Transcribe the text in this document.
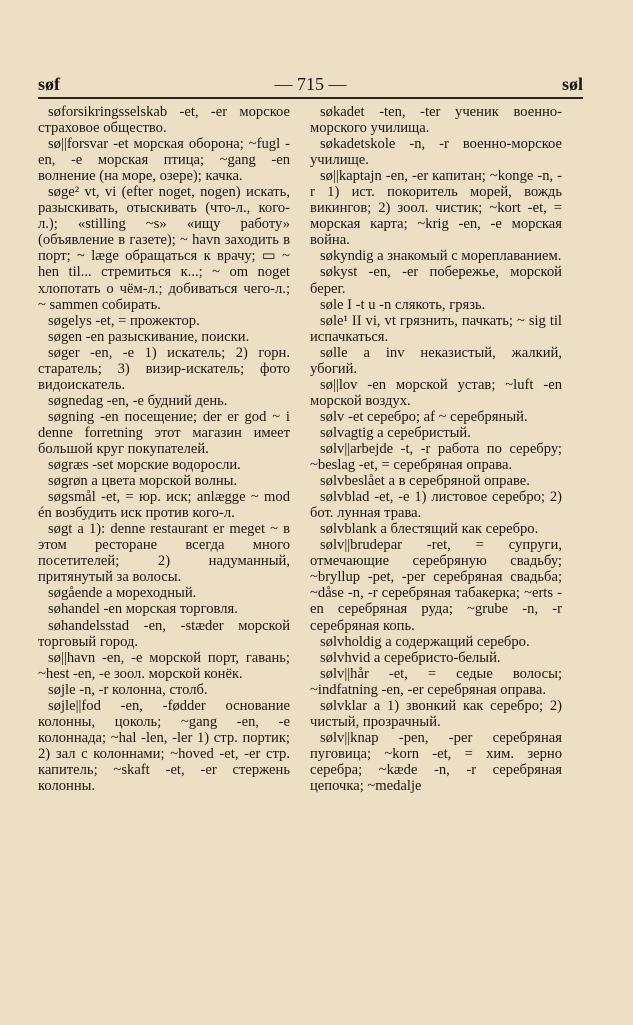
søf	— 715 —	søl

søforsikringsselskab -et, -er морское страховое общество.

sø||forsvar -et морская оборона; ~fugl -en, -e морская птица; ~gang -en волнение (на море, озере); качка.

søge² vt, vi (efter noget, nogen) искать, разыскивать, отыскивать (что-л., кого-л.); «stilling ~s» «ищу работу» (объявление в газете); ~ havn заходить в порт; ~ læge обращаться к врачу; ▭ ~ hen til... стремиться к...; ~ om noget хлопотать о чём-л.; добиваться чего-л.; ~ sammen собирать.

søgelys -et, = прожектор.

søgen -en разыскивание, поиски.

søger -en, -e 1) искатель; 2) горн. старатель; 3) визир-искатель; фото видоискатель.

søgnedag -en, -e будний день.

søgning -en посещение; der er god ~ i denne forretning этот магазин имеет большой круг покупателей.

søgræs -set морские водоросли.

søgrøn a цвета морской волны.

søgsmål -et, = юр. иск; anlægge ~ mod én возбудить иск против кого-л.

søgt a 1): denne restaurant er meget ~ в этом ресторане всегда много посетителей; 2) надуманный, притянутый за волосы.

søgående a мореходный.

søhandel -en морская торговля.

søhandelsstad -en, -stæder морской торговый город.

sø||havn -en, -e морской порт, гавань; ~hest -en, -e зоол. морской конёк.

søjle -n, -r колонна, столб.

søjle||fod -en, -fødder основание колонны, цоколь; ~gang -en, -e колоннада; ~hal -len, -ler 1) стр. портик; 2) зал с колоннами; ~hoved -et, -er стр. капитель; ~skaft -et, -er стержень колонны.

søkadet -ten, -ter ученик военно-морского училища.

søkadetskole -n, -r военно-морское училище.

sø||kaptajn -en, -er капитан; ~konge -n, -r 1) ист. покоритель морей, вождь викингов; 2) зоол. чистик; ~kort -et, = морская карта; ~krig -en, -e морская война.

søkyndig a знакомый с мореплаванием.

søkyst -en, -er побережье, морской берег.

søle I -t u -n слякоть, грязь.

søle¹ II vi, vt грязнить, пачкать; ~ sig til испачкаться.

sølle a inv неказистый, жалкий, убогий.

sø||lov -en морской устав; ~luft -en морской воздух.

sølv -et серебро; af ~ серебряный.

sølvagtig a серебристый.

sølv||arbejde -t, -r работа по серебру; ~beslag -et, = серебряная оправа.

sølvbeslået a в серебряной оправе.

sølvblad -et, -e 1) листовое серебро; 2) бот. лунная трава.

sølvblank a блестящий как серебро.

sølv||brudepar -ret, = супруги, отмечающие серебряную свадьбу; ~bryllup -pet, -per серебряная свадьба; ~dåse -n, -r серебряная табакерка; ~erts -en серебряная руда; ~grube -n, -r серебряная копь.

sølvholdig a содержащий серебро.

sølvhvid a серебристо-белый.

sølv||hår -et, = седые волосы; ~indfatning -en, -er серебряная оправа.

sølvklar a 1) звонкий как серебро; 2) чистый, прозрачный.

sølv||knap -pen, -per серебряная пуговица; ~korn -et, = хим. зерно серебра; ~kæde -n, -r серебряная цепочка; ~medalje
